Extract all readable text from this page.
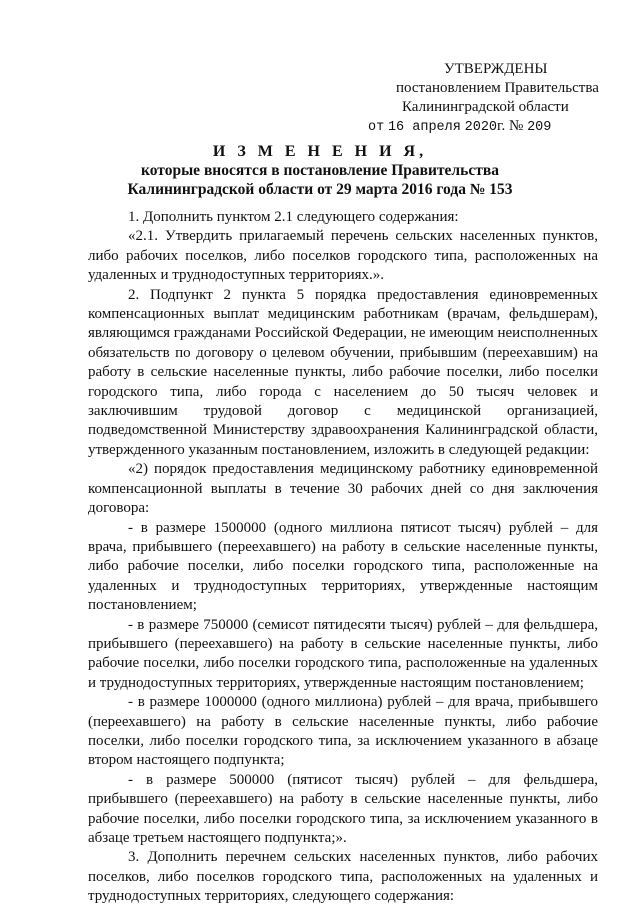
УТВЕРЖДЕНЫ
постановлением Правительства
Калининградской области
от 16 апреля 2020г. № 209
И З М Е Н Е Н И Я,
которые вносятся в постановление Правительства
Калининградской области от 29 марта 2016 года № 153

1. Дополнить пунктом 2.1 следующего содержания:

«2.1. Утвердить прилагаемый перечень сельских населенных пунктов, либо рабочих поселков, либо поселков городского типа, расположенных на удаленных и труднодоступных территориях.».

2. Подпункт 2 пункта 5 порядка предоставления единовременных компенсационных выплат медицинским работникам (врачам, фельдшерам), являющимся гражданами Российской Федерации, не имеющим неисполненных обязательств по договору о целевом обучении, прибывшим (переехавшим) на работу в сельские населенные пункты, либо рабочие поселки, либо поселки городского типа, либо города с населением до 50 тысяч человек и заключившим трудовой договор с медицинской организацией, подведомственной Министерству здравоохранения Калининградской области, утвержденного указанным постановлением, изложить в следующей редакции:

«2) порядок предоставления медицинскому работнику единовременной компенсационной выплаты в течение 30 рабочих дней со дня заключения договора:

- в размере 1500000 (одного миллиона пятисот тысяч) рублей – для врача, прибывшего (переехавшего) на работу в сельские населенные пункты, либо рабочие поселки, либо поселки городского типа, расположенные на удаленных и труднодоступных территориях, утвержденные настоящим постановлением;

- в размере 750000 (семисот пятидесяти тысяч) рублей – для фельдшера, прибывшего (переехавшего) на работу в сельские населенные пункты, либо рабочие поселки, либо поселки городского типа, расположенные на удаленных и труднодоступных территориях, утвержденные настоящим постановлением;

- в размере 1000000 (одного миллиона) рублей – для врача, прибывшего (переехавшего) на работу в сельские населенные пункты, либо рабочие поселки, либо поселки городского типа, за исключением указанного в абзаце втором настоящего подпункта;

- в размере 500000 (пятисот тысяч) рублей – для фельдшера, прибывшего (переехавшего) на работу в сельские населенные пункты, либо рабочие поселки, либо поселки городского типа, за исключением указанного в абзаце третьем настоящего подпункта;».

3. Дополнить перечнем сельских населенных пунктов, либо рабочих поселков, либо поселков городского типа, расположенных на удаленных и труднодоступных территориях, следующего содержания:
